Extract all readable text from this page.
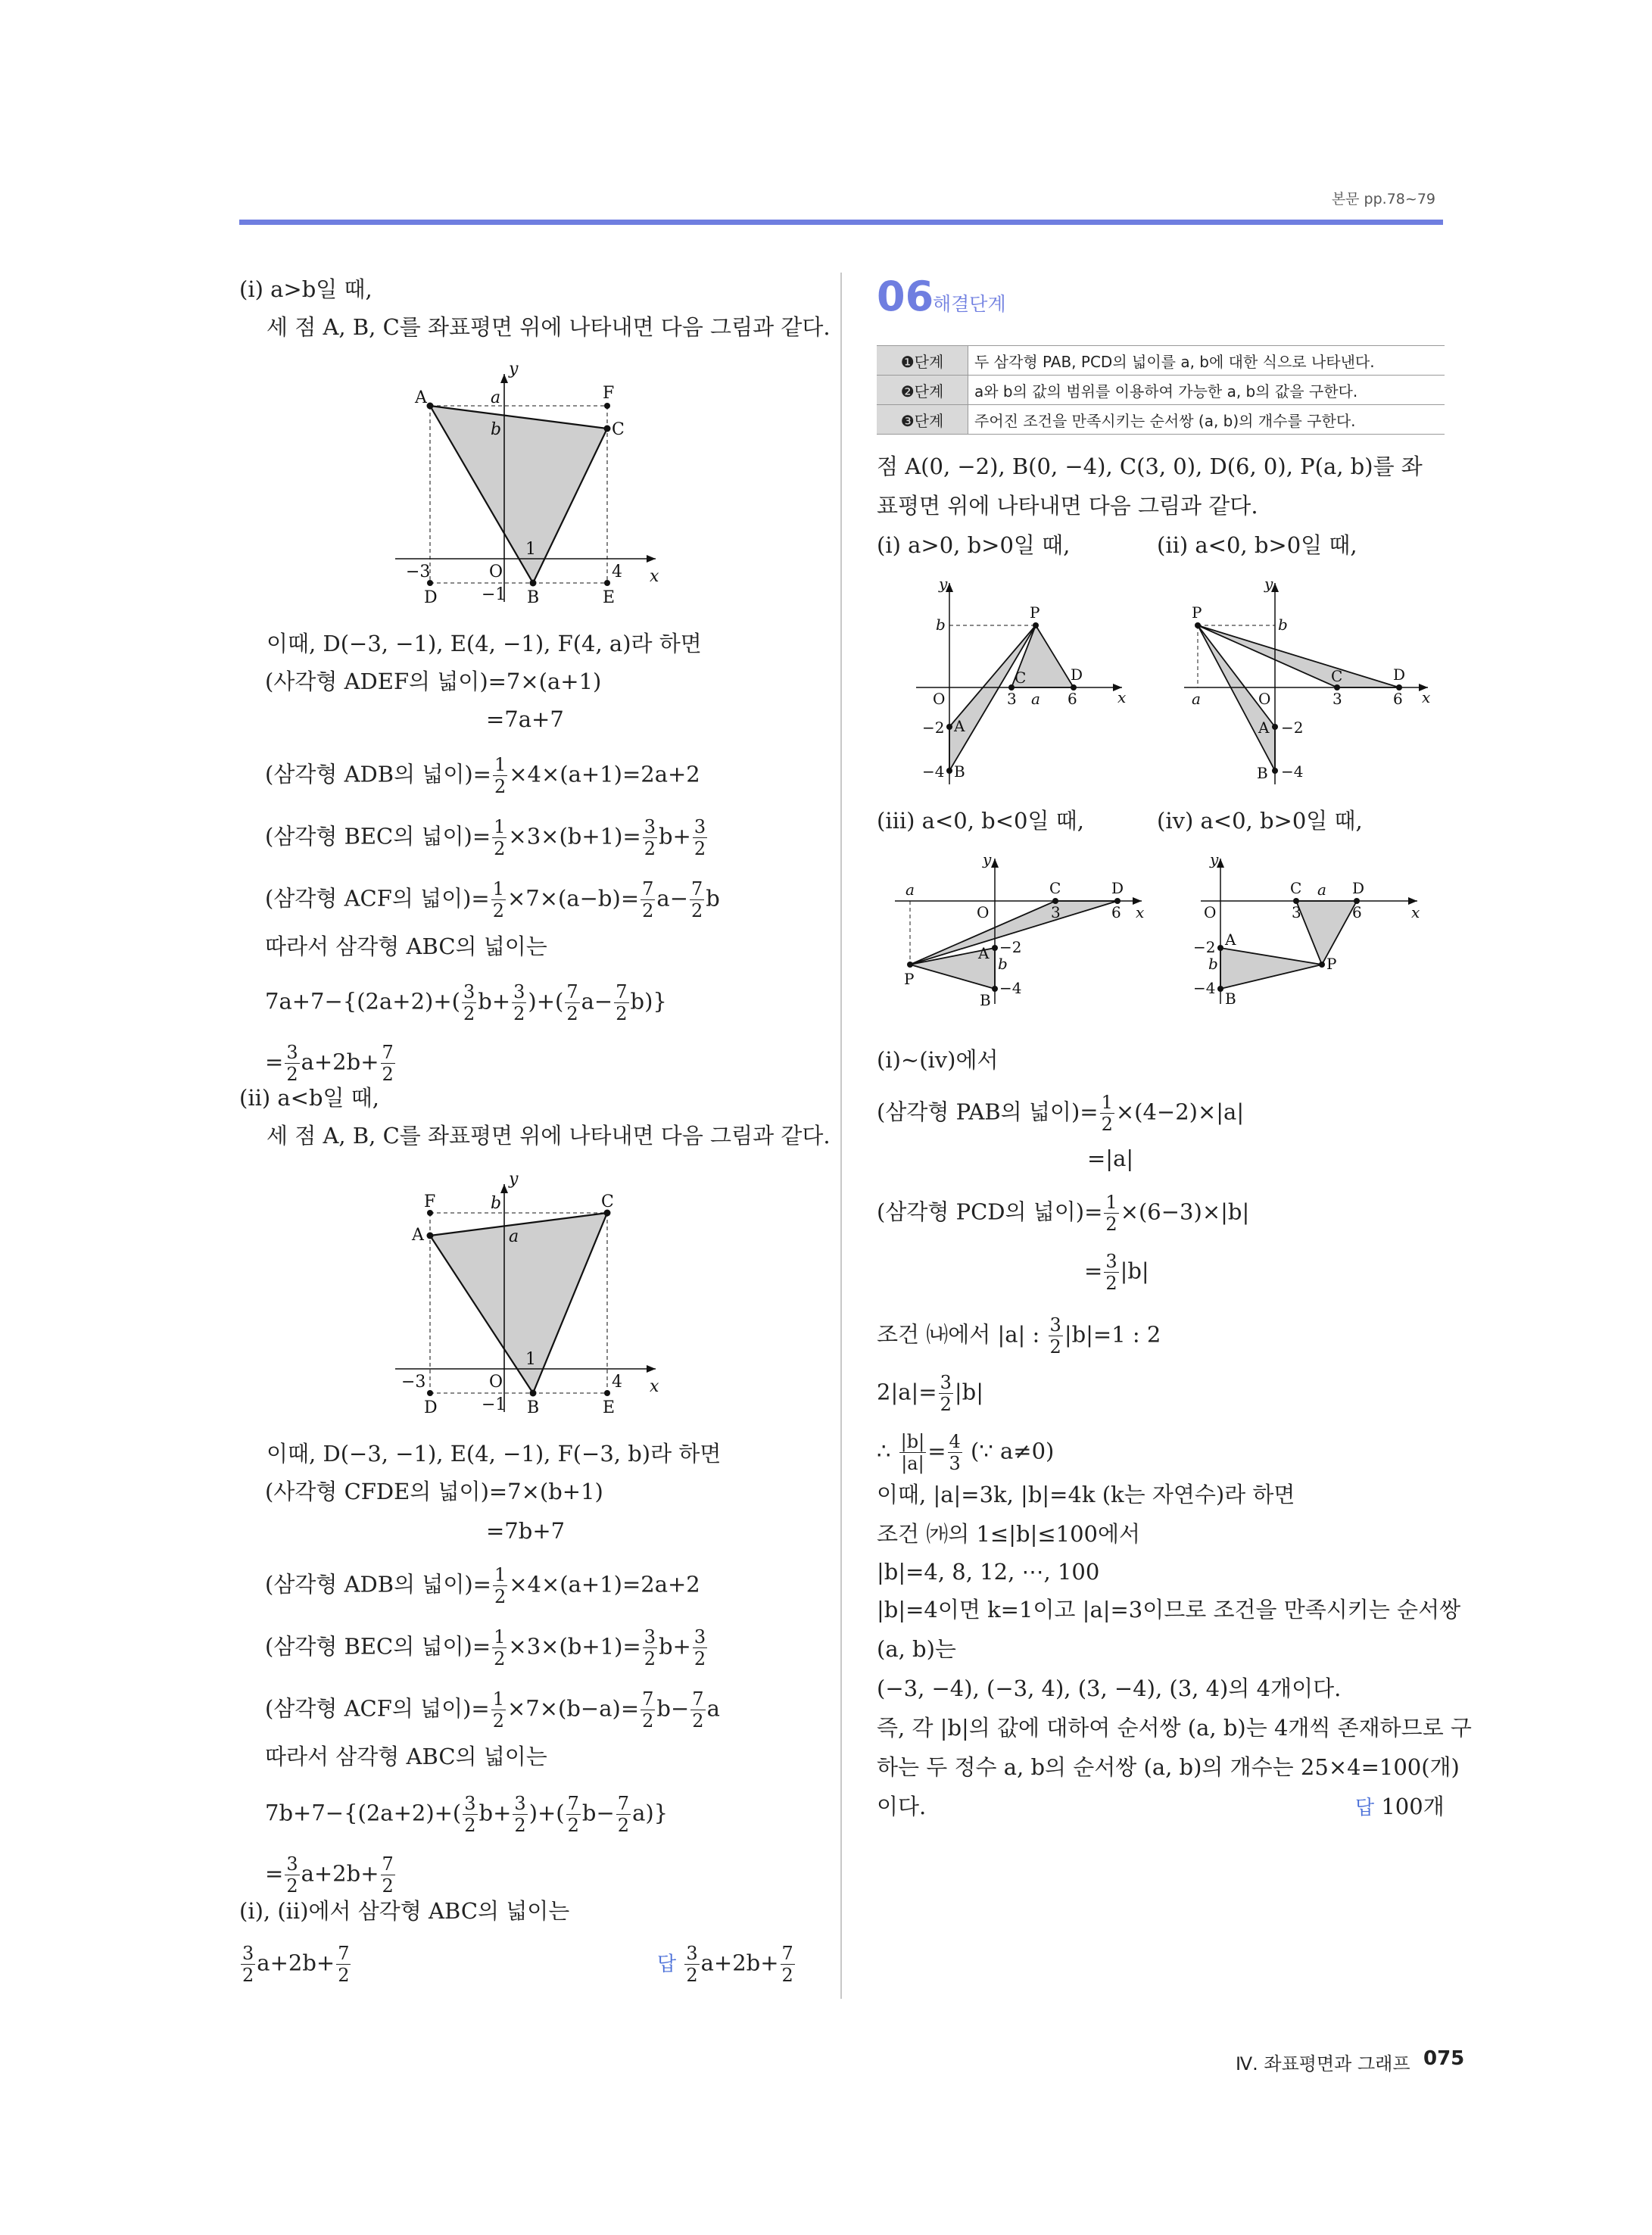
본문 pp.78~79
(ⅰ) a>b일 때,
세 점 A, B, C를 좌표평면 위에 나타내면 다음 그림과 같다.
y
x
O
A
C
B
D	E
F
a
b
−3
−1
1
4
이때, D(−3, −1), E(4, −1), F(4, a)라 하면
(사각형 ADEF의 넓이)=7×(a+1)
=7a+7
(삼각형 ADB의 넓이)= $\frac{1}{2} \times 4\times(a+1)=2a+2$
(삼각형 BEC의 넓이)= $\frac{1}{2} \times 3\times(b+1)= \frac{3}{2} b+ \frac{3}{2}$
(삼각형 ACF의 넓이)= $\frac{1}{2} \times 7\times(a-b)= \frac{7}{2} a- \frac{7}{2}$ b
따라서 삼각형 ABC의 넓이는
$7a+7-\{(2a+2)+( \frac{3}{2} b+ \frac{3}{2}$ )+( $\frac{7}{2} a- \frac{7}{2} b$)}
= $\frac{3}{2} a+2b+ \frac{7}{2}$
(ⅱ) a<b일 때,
세 점 A, B, C를 좌표평면 위에 나타내면 다음 그림과 같다.
y
x
O
A
C
B
D	E
F
a
b
−3
−1
1
4
이때, D(−3, −1), E(4, −1), F(−3, b)라 하면
(사각형 CFDE의 넓이)=7×(b+1)
=7b+7
(삼각형 ADB의 넓이)= $\frac{1}{2} \times 4\times(a+1)=2a+2$
(삼각형 BEC의 넓이)= $\frac{1}{2} \times 3\times(b+1)= \frac{3}{2} b+ \frac{3}{2}$
(삼각형 ACF의 넓이)= $\frac{1}{2} \times 7\times(b-a)= \frac{7}{2} b- \frac{7}{2}$ a
따라서 삼각형 ABC의 넓이는
$7b+7-\{(2a+2)+( \frac{3}{2} b+ \frac{3}{2}$ )+( $\frac{7}{2} b- \frac{7}{2} a$)}
= $\frac{3}{2} a+2b+ \frac{7}{2}$
(ⅰ), (ⅱ)에서 삼각형 ABC의 넓이는
$\frac{3}{2} a+2b+ \frac{7}{2}$	답 $\frac{3}{2} a+2b+ \frac{7}{2}$
06
해결단계
❶단계	두 삼각형 PAB, PCD의 넓이를 a, b에 대한 식으로 나타낸다.
❷단계	a와 b의 값의 범위를 이용하여 가능한 a, b의 값을 구한다.
❸단계	주어진 조건을 만족시키는 순서쌍 (a, b)의 개수를 구한다.
점 A(0, −2), B(0, −4), C(3, 0), D(6, 0), P(a, b)를 좌
표평면 위에 나타내면 다음 그림과 같다.
(ⅰ) a>0, b>0일 때,	(ⅱ) a<0, b>0일 때,
y
x
O
P
A
B
C	D
b
a
3	6
−2
−4
y
x
O
P
A
B
C	D
b
a	3	6
−2
−4
(ⅲ) a<0, b<0일 때,	(ⅳ) a<0, b>0일 때,
y
x
O
P
A
B
C	D
b
a
3	6
−2
−4
y
x
O
P
A
B
C	D
b
a
3	6
−2
−4
(ⅰ)~(ⅳ)에서
(삼각형 PAB의 넓이)= $\frac{1}{2} \times(4-2)\times|a|$
=|a|
(삼각형 PCD의 넓이)= $\frac{1}{2} \times(6-3)\times|b|$
= $\frac{3}{2} |b|$
조건 ㈏에서 |a| : $\frac{3}{2} |b|=1$ : 2
$2|a|= \frac{3}{2} |b|$
∴ $\frac{|b|}{|a|} = \frac{4}{3}$ (∵ a≠0)
이때, |a|=3k, |b|=4k (k는 자연수)라 하면
조건 ㈎의 1≤|b|≤100에서
|b|=4, 8, 12, ⋯, 100
|b|=4이면 k=1이고 |a|=3이므로 조건을 만족시키는 순서쌍
(a, b)는
(−3, −4), (−3, 4), (3, −4), (3, 4)의 4개이다.
즉, 각 |b|의 값에 대하여 순서쌍 (a, b)는 4개씩 존재하므로 구
하는 두 정수 a, b의 순서쌍 (a, b)의 개수는 25×4=100(개)
이다.	답 100개
Ⅳ. 좌표평면과 그래프 075
